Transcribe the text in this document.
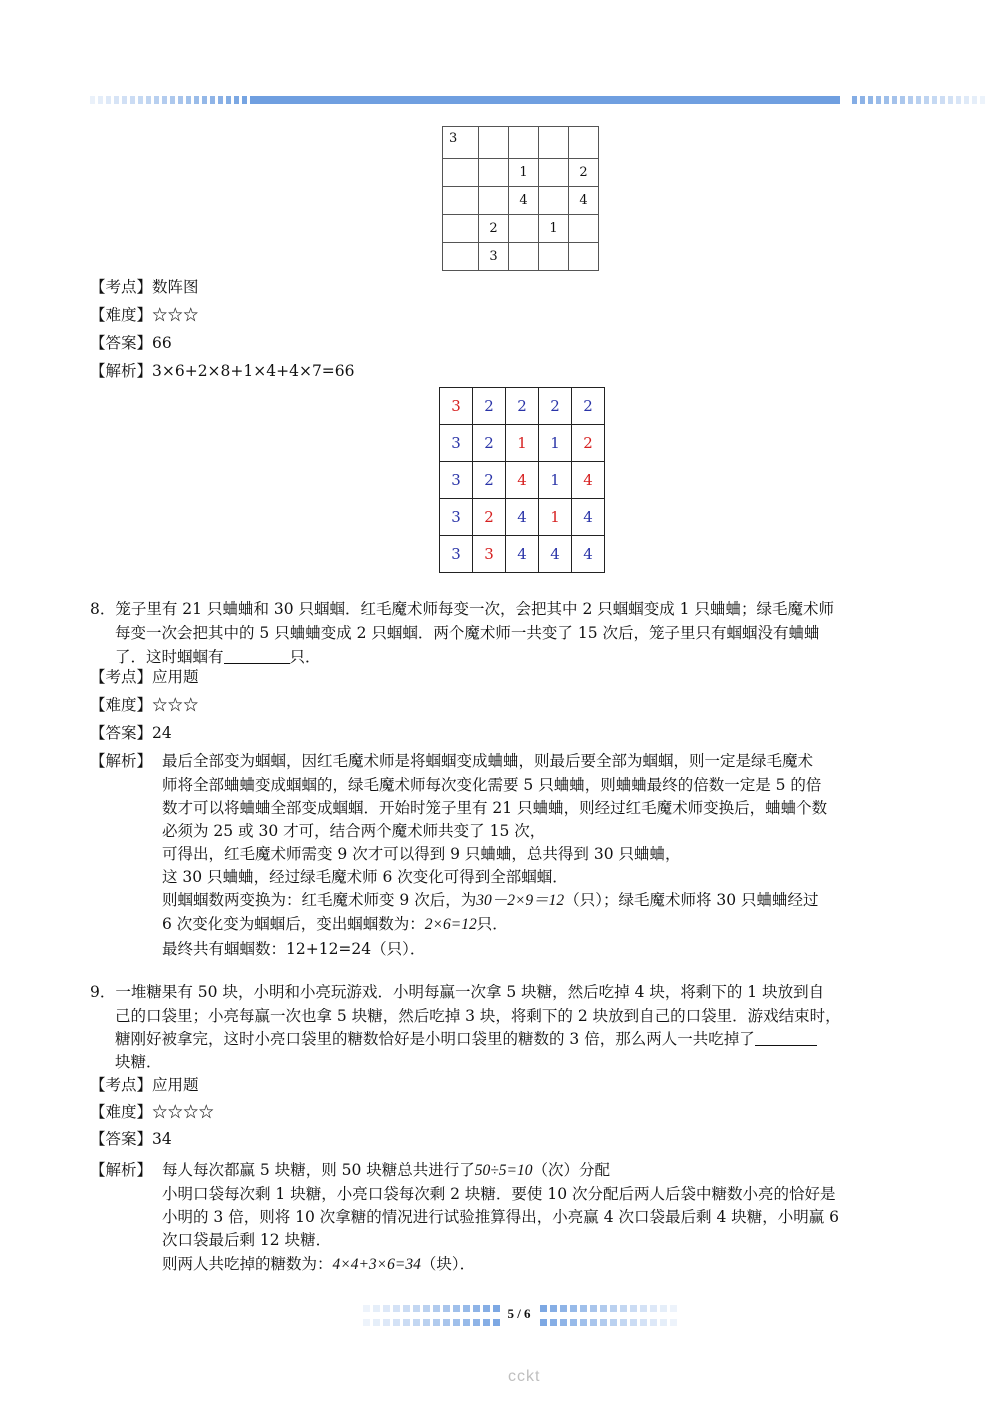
3				
		1		2
		4		4
	2		1	
	3			
【考点】数阵图
【难度】☆☆☆
【答案】66
【解析】3×6+2×8+1×4+4×7=66
3	2	2	2	2
3	2	1	1	2
3	2	4	1	4
3	2	4	1	4
3	3	4	4	4
8．笼子里有 21 只蛐蛐和 30 只蝈蝈．红毛魔术师每变一次，会把其中 2 只蝈蝈变成 1 只蛐蛐；绿毛魔术师
每变一次会把其中的 5 只蛐蛐变成 2 只蝈蝈．两个魔术师一共变了 15 次后，笼子里只有蝈蝈没有蛐蛐
了．这时蝈蝈有	只．
【考点】应用题
【难度】☆☆☆
【答案】24
【解析】 最后全部变为蝈蝈，因红毛魔术师是将蝈蝈变成蛐蛐，则最后要全部为蝈蝈，则一定是绿毛魔术
师将全部蛐蛐变成蝈蝈的，绿毛魔术师每次变化需要 5 只蛐蛐，则蛐蛐最终的倍数一定是 5 的倍
数才可以将蛐蛐全部变成蝈蝈．开始时笼子里有 21 只蛐蛐，则经过红毛魔术师变换后，蛐蛐个数
必须为 25 或 30 才可，结合两个魔术师共变了 15 次，
可得出，红毛魔术师需变 9 次才可以得到 9 只蛐蛐，总共得到 30 只蛐蛐，
这 30 只蛐蛐，经过绿毛魔术师 6 次变化可得到全部蝈蝈．
则蝈蝈数两变换为：红毛魔术师变 9 次后，为30－2×9＝12（只）；绿毛魔术师将 30 只蛐蛐经过
6 次变化变为蝈蝈后，变出蝈蝈数为：2×6=12只．
最终共有蝈蝈数：12+12=24（只）．
9．一堆糖果有 50 块，小明和小亮玩游戏．小明每赢一次拿 5 块糖，然后吃掉 4 块，将剩下的 1 块放到自
己的口袋里；小亮每赢一次也拿 5 块糖，然后吃掉 3 块，将剩下的 2 块放到自己的口袋里．游戏结束时，
糖刚好被拿完，这时小亮口袋里的糖数恰好是小明口袋里的糖数的 3 倍，那么两人一共吃掉了
块糖．
【考点】应用题
【难度】☆☆☆☆
【答案】34
【解析】 每人每次都赢 5 块糖，则 50 块糖总共进行了50÷5=10（次）分配
小明口袋每次剩 1 块糖，小亮口袋每次剩 2 块糖．要使 10 次分配后两人后袋中糖数小亮的恰好是
小明的 3 倍，则将 10 次拿糖的情况进行试验推算得出，小亮赢 4 次口袋最后剩 4 块糖，小明赢 6
次口袋最后剩 12 块糖．
则两人共吃掉的糖数为：4×4+3×6=34（块）．
5 / 6
cckt
